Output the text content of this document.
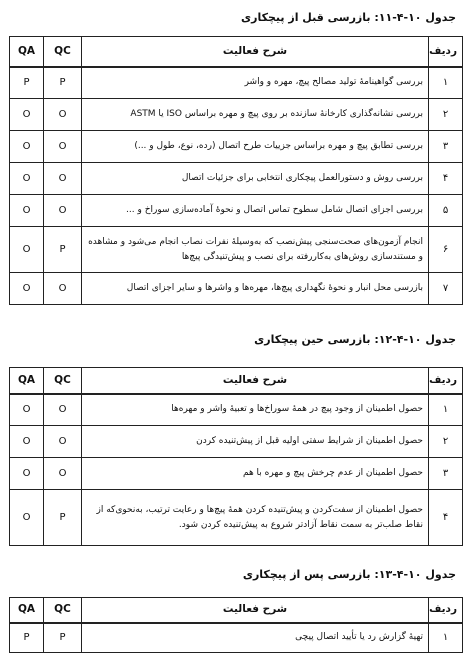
جدول ۱۰-۴-۱۱: بازرسی قبل از پیچکاری
ردیف	شرح فعالیت	QC	QA
۱	بررسی گواهینامهٔ تولید مصالح پیچ، مهره و واشر	P	P
۲	بررسی نشانه‌گذاری کارخانهٔ سازنده بر روی پیچ و مهره براساس ISO یا ASTM	O	O
۳	بررسی تطابق پیچ و مهره براساس جزییات طرح اتصال (رده، نوع، طول و ...)	O	O
۴	بررسی روش و دستورالعمل پیچکاری انتخابی برای جزئیات اتصال	O	O
۵	بررسی اجزای اتصال شامل سطوح تماس اتصال و نحوهٔ آماده‌سازی سوراخ و ...	O	O
۶	انجام آزمون‌های صحت‌سنجی پیش‌نصب که به‌وسیلهٔ نفرات نصاب انجام می‌شود و مشاهده و مستندسازی روش‌های به‌کاررفته برای نصب و پیش‌تنیدگی پیچ‌ها	P	O
۷	بازرسی محل انبار و نحوهٔ نگهداری پیچ‌ها، مهره‌ها و واشرها و سایر اجزای اتصال	O	O
جدول ۱۰-۴-۱۲: بازرسی حین پیچکاری
ردیف	شرح فعالیت	QC	QA
۱	حصول اطمینان از وجود پیچ در همهٔ سوراخ‌ها و تعبیهٔ واشر و مهره‌ها	O	O
۲	حصول اطمینان از شرایط سفتی اولیه قبل از پیش‌تنیده کردن	O	O
۳	حصول اطمینان از عدم چرخش پیچ و مهره با هم	O	O
۴	حصول اطمینان از سفت‌کردن و پیش‌تنیده کردن همهٔ پیچ‌ها و رعایت ترتیب، به‌نحوی‌که از نقاط صلب‌تر به سمت نقاط آزادتر شروع به پیش‌تنیده کردن شود.	P	O
جدول ۱۰-۴-۱۳: بازرسی پس از پیچکاری
ردیف	شرح فعالیت	QC	QA
۱	تهیهٔ گزارش رد یا تأیید اتصال پیچی	P	P
